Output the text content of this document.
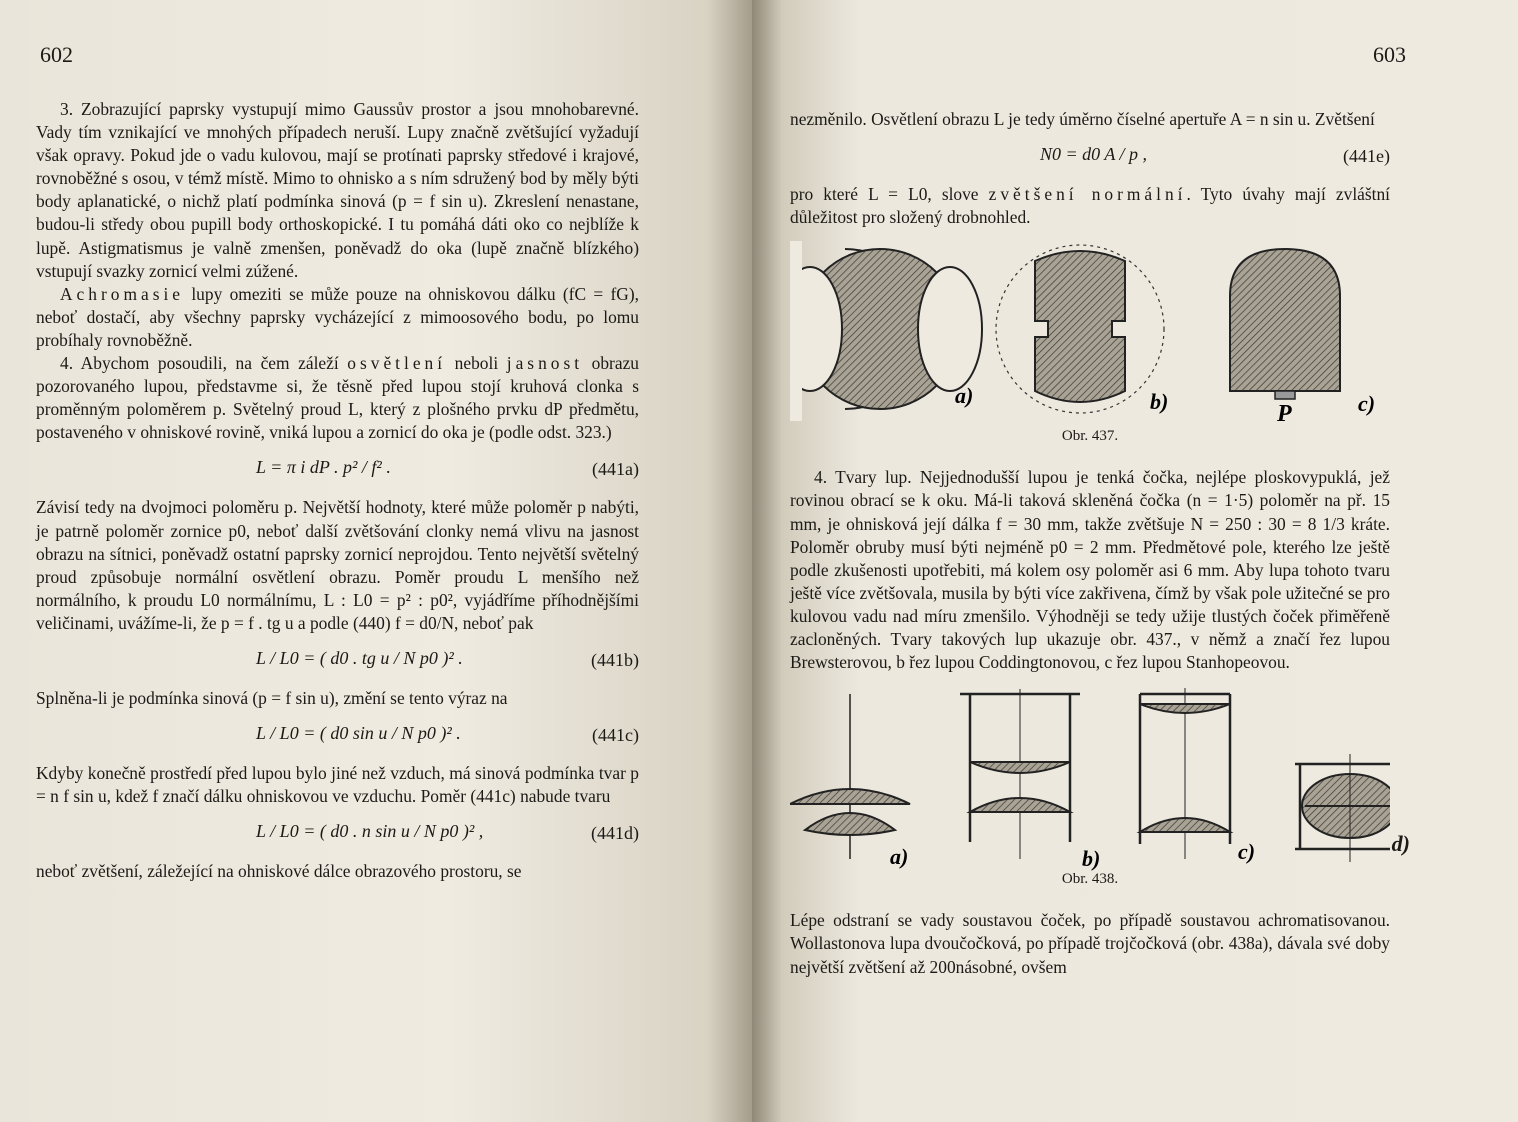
602

3. Zobrazující paprsky vystupují mimo Gaussův prostor a jsou mnohobarevné. Vady tím vznikající ve mnohých případech neruší. Lupy značně zvětšující vyžadují však opravy. Pokud jde o vadu kulovou, mají se protínati paprsky středové i krajové, rovnoběžné s osou, v témž místě. Mimo to ohnisko a s ním sdružený bod by měly býti body aplanatické, o nichž platí podmínka sinová (p = f sin u). Zkreslení nenastane, budou-li středy obou pupill body orthoskopické. I tu pomáhá dáti oko co nejblíže k lupě. Astigmatismus je valně zmenšen, poněvadž do oka (lupě značně blízkého) vstupují svazky zornicí velmi zúžené.

Achromasie lupy omeziti se může pouze na ohniskovou dálku (fC = fG), neboť dostačí, aby všechny paprsky vycházející z mimoosového bodu, po lomu probíhaly rovnoběžně.

4. Abychom posoudili, na čem záleží osvětlení neboli jasnost obrazu pozorovaného lupou, představme si, že těsně před lupou stojí kruhová clonka s proměnným poloměrem p. Světelný proud L, který z plošného prvku dP předmětu, postaveného v ohniskové rovině, vniká lupou a zornicí do oka je (podle odst. 323.)

L = π i dP . p² / f² .	(441a)

Závisí tedy na dvojmoci poloměru p. Největší hodnoty, které může poloměr p nabýti, je patrně poloměr zornice p0, neboť další zvětšování clonky nemá vlivu na jasnost obrazu na sítnici, poněvadž ostatní paprsky zornicí neprojdou. Tento největší světelný proud způsobuje normální osvětlení obrazu. Poměr proudu L menšího než normálního, k proudu L0 normálnímu, L : L0 = p² : p0², vyjádříme příhodnějšími veličinami, uvážíme-li, že p = f . tg u a podle (440) f = d0/N, neboť pak

L / L0 = ( d0 . tg u / N p0 )² .	(441b)

Splněna-li je podmínka sinová (p = f sin u), změní se tento výraz na

L / L0 = ( d0 sin u / N p0 )² .	(441c)

Kdyby konečně prostředí před lupou bylo jiné než vzduch, má sinová podmínka tvar p = n f sin u, kdež f značí dálku ohniskovou ve vzduchu. Poměr (441c) nabude tvaru

L / L0 = ( d0 . n sin u / N p0 )² ,	(441d)

neboť zvětšení, záležející na ohniskové dálce obrazového prostoru, se

603

nezměnilo. Osvětlení obrazu L je tedy úměrno číselné apertuře A = n sin u. Zvětšení

N0 = d0 A / p ,	(441e)

pro které L = L0, slove zvětšení normální. Tyto úvahy mají zvláštní důležitost pro složený drobnohled.

a)	b)	P	c)
Obr. 437.

4. Tvary lup. Nejjednodušší lupou je tenká čočka, nejlépe ploskovypuklá, jež rovinou obrací se k oku. Má-li taková skleněná čočka (n = 1·5) poloměr na př. 15 mm, je ohnisková její dálka f = 30 mm, takže zvětšuje N = 250 : 30 = 8 1/3 kráte. Poloměr obruby musí býti nejméně p0 = 2 mm. Předmětové pole, kterého lze ještě podle zkušenosti upotřebiti, má kolem osy poloměr asi 6 mm. Aby lupa tohoto tvaru ještě více zvětšovala, musila by býti více zakřivena, čímž by však pole užitečné se pro kulovou vadu nad míru zmenšilo. Výhodněji se tedy užije tlustých čoček přiměřeně zacloněných. Tvary takových lup ukazuje obr. 437., v němž a značí řez lupou Brewsterovou, b řez lupou Coddingtonovou, c řez lupou Stanhopeovou.

a)	b)	c)
Obr. 438.
d)

Lépe odstraní se vady soustavou čoček, po případě soustavou achromatisovanou. Wollastonova lupa dvoučočková, po případě trojčočková (obr. 438a), dávala své doby největší zvětšení až 200násobné, ovšem
